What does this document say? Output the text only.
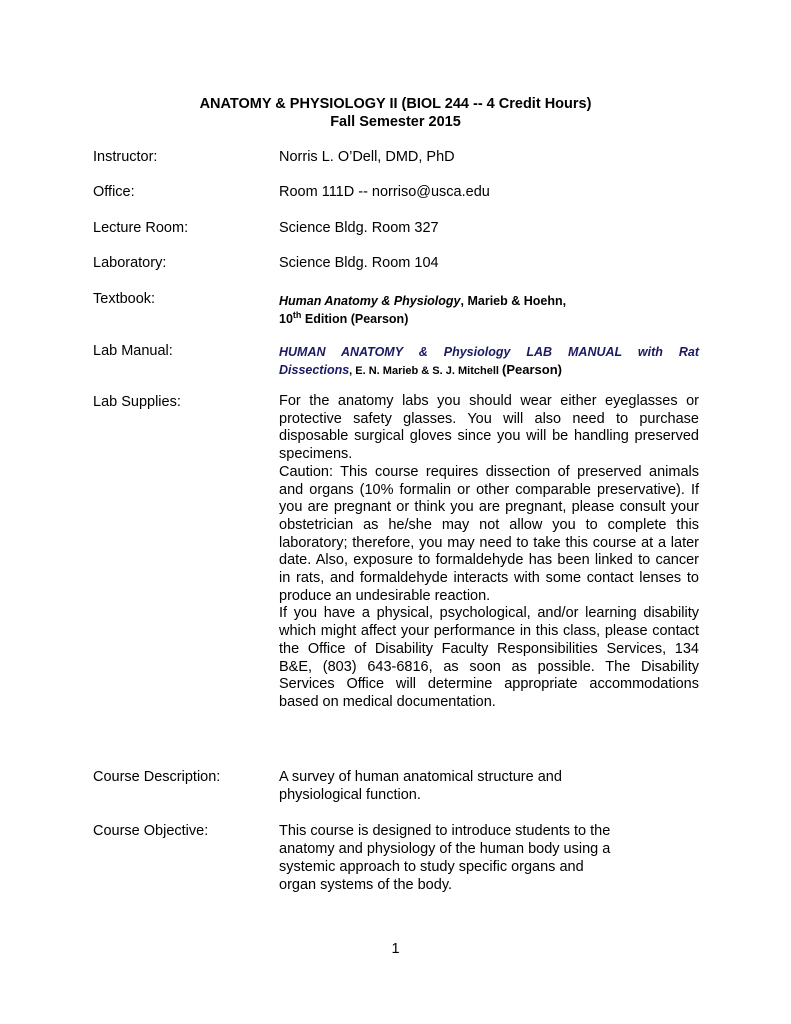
ANATOMY & PHYSIOLOGY II (BIOL 244 -- 4 Credit Hours)
Fall Semester 2015
Instructor:	Norris L. O’Dell, DMD, PhD
Office:	Room 111D -- norriso@usca.edu
Lecture Room:	Science Bldg. Room 327
Laboratory:	Science Bldg. Room 104
Textbook:	Human Anatomy & Physiology, Marieb & Hoehn,
10th Edition (Pearson)
Lab Manual:	HUMAN ANATOMY & Physiology LAB MANUAL with Rat
Dissections, E. N. Marieb & S. J. Mitchell (Pearson)
Lab Supplies:	For the anatomy labs you should wear either eyeglasses or protective safety glasses. You will also need to purchase disposable surgical gloves since you will be handling preserved specimens.

Caution: This course requires dissection of preserved animals and organs (10% formalin or other comparable preservative). If you are pregnant or think you are pregnant, please consult your obstetrician as he/she may not allow you to complete this laboratory; therefore, you may need to take this course at a later date. Also, exposure to formaldehyde has been linked to cancer in rats, and formaldehyde interacts with some contact lenses to produce an undesirable reaction.

If you have a physical, psychological, and/or learning disability which might affect your performance in this class, please contact the Office of Disability Faculty Responsibilities Services, 134 B&E, (803) 643-6816, as soon as possible. The Disability Services Office will determine appropriate accommodations based on medical documentation.

Course Description:	A survey of human anatomical structure and
physiological function.
Course Objective:	This course is designed to introduce students to the
anatomy and physiology of the human body using a
systemic approach to study specific organs and
organ systems of the body.
1
